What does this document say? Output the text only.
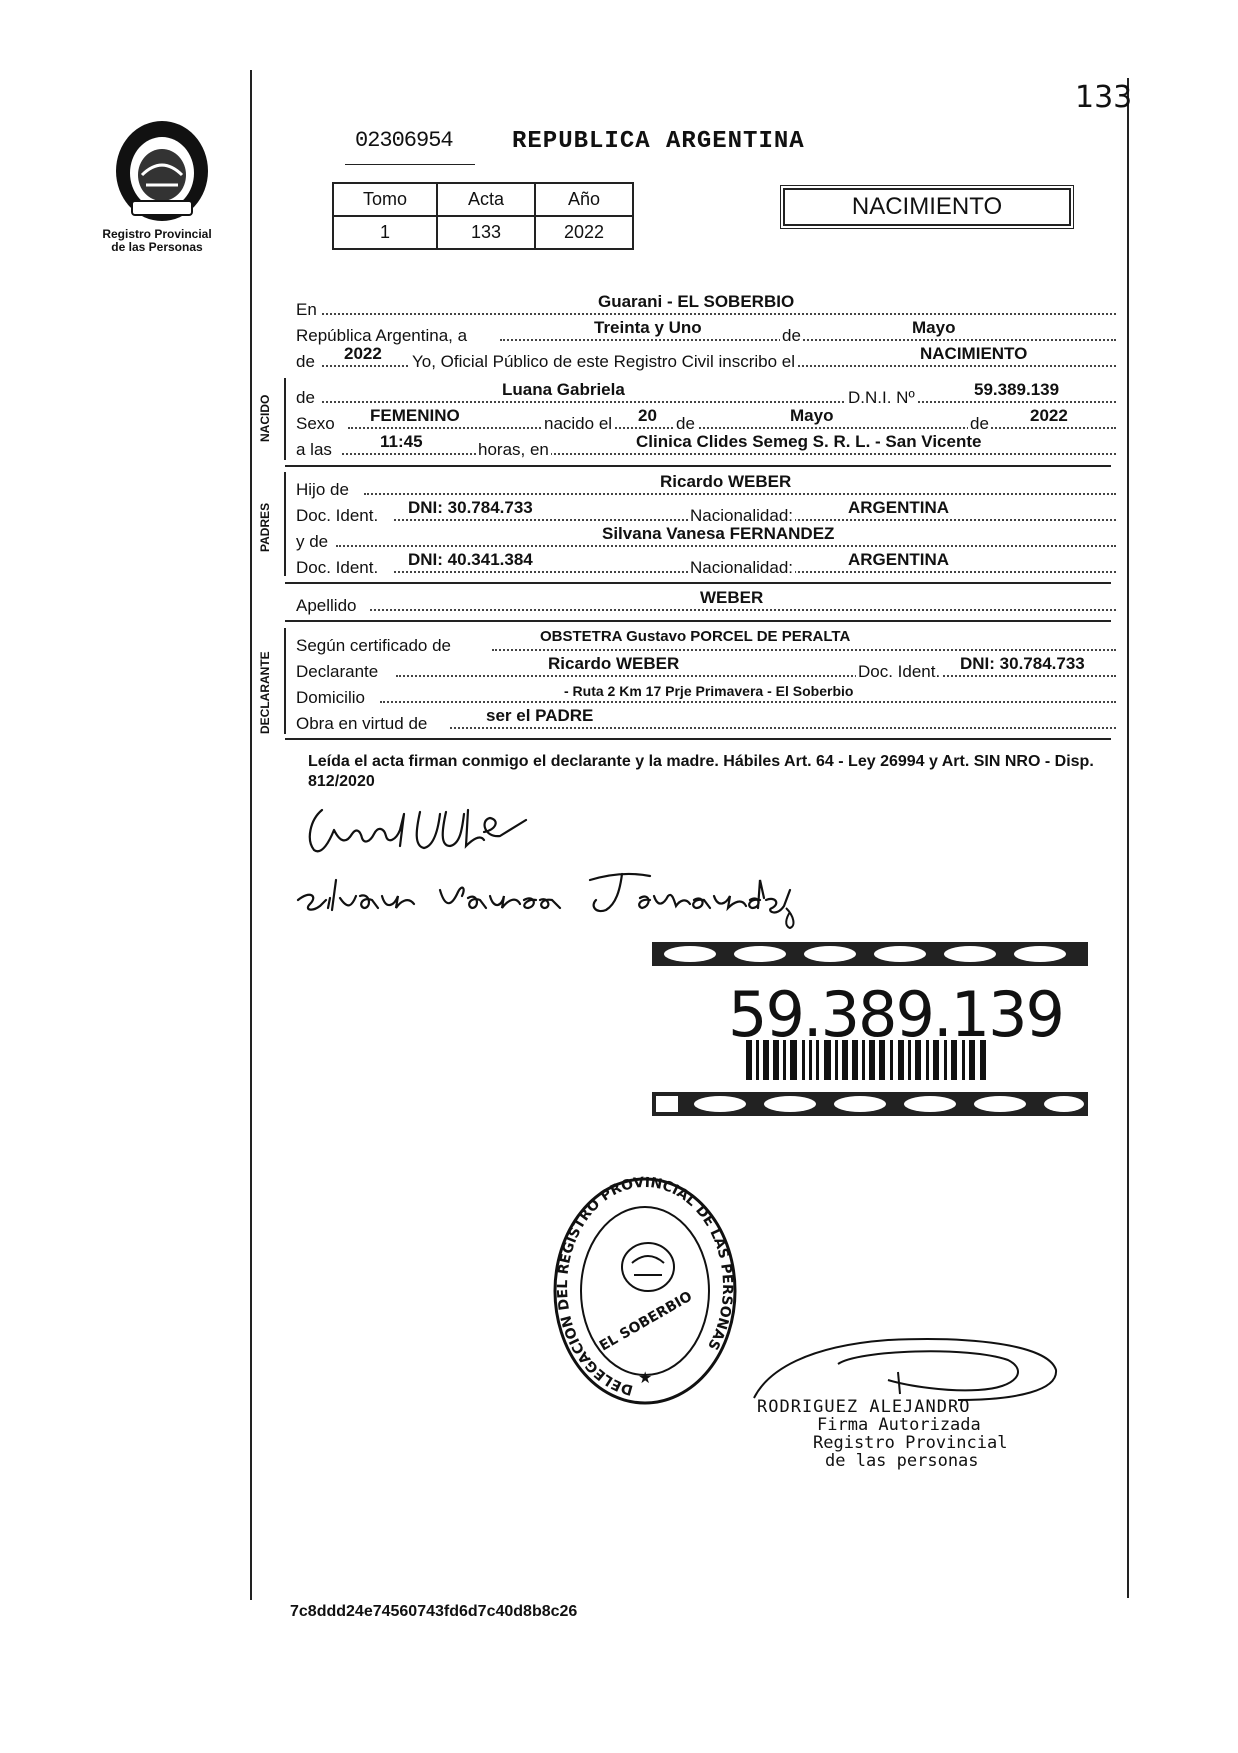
Registro Provincial
de las Personas
133
02306954 REPUBLICA ARGENTINA
Tomo	Acta	Año
1	133	2022
NACIMIENTO
En	Guarani - EL SOBERBIO
República Argentina, a	Treinta y Uno	de	Mayo
de 2022 Yo, Oficial Público de este Registro Civil inscribo el	NACIMIENTO
NACIDO de	Luana Gabriela	D.N.I. Nº	59.389.139
Sexo FEMENINO	nacido el 20 de	Mayo	de 2022
a las	11:45	horas, en	Clinica Clides Semeg S. R. L. - San Vicente
PADRES
Hijo de	Ricardo WEBER
Doc. Ident. DNI: 30.784.733	Nacionalidad:	ARGENTINA
y de	Silvana Vanesa FERNANDEZ
Doc. Ident. DNI: 40.341.384	Nacionalidad:	ARGENTINA
Apellido	WEBER
DECLARANTE
Según certificado de	OBSTETRA Gustavo PORCEL DE PERALTA
Declarante	Ricardo WEBER	Doc. Ident. DNI: 30.784.733
Domicilio	- Ruta 2 Km 17 Prje Primavera - El Soberbio
Obra en virtud de	ser el PADRE
Leída el acta firman conmigo el declarante y la madre. Hábiles Art. 64 - Ley 26994 y Art. SIN NRO - Disp. 812/2020
59.389.139
DELEGACION DEL REGISTRO PROVINCIAL DE LAS PERSONAS
EL SOBERBIO
★
RODRIGUEZ ALEJANDRO
Firma Autorizada
Registro Provincial
de las personas
7c8ddd24e74560743fd6d7c40d8b8c26
